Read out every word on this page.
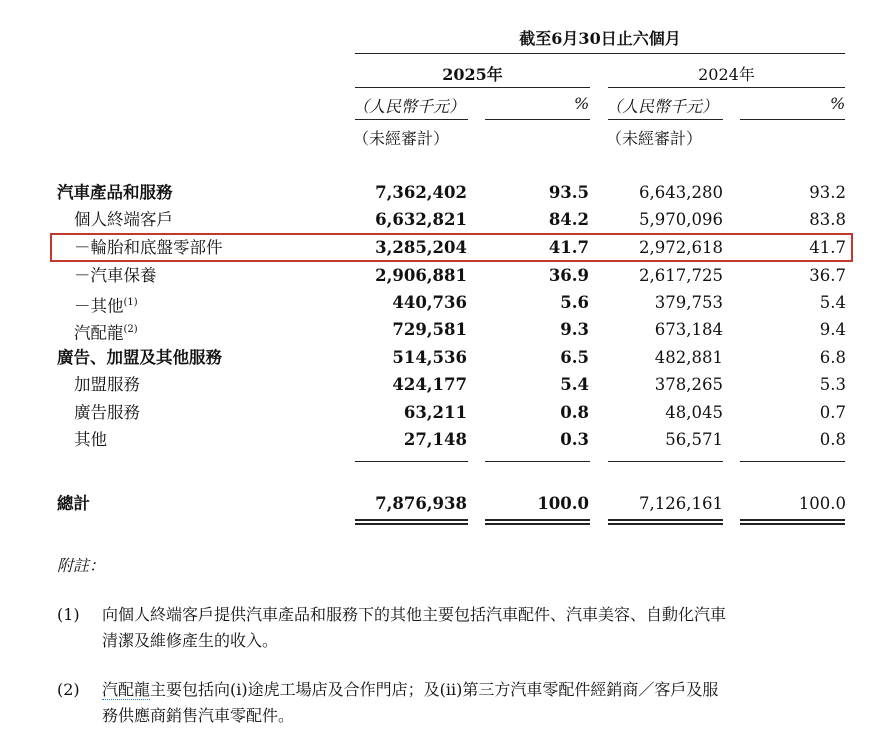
截至6月30日止六個月
2025年	2024年
（人民幣千元）	% （人民幣千元）	%
（未經審計）	（未經審計）
汽車產品和服務	7,362,402	93.5	6,643,280	93.2
個人終端客戶	6,632,821	84.2	5,970,096	83.8
－輪胎和底盤零部件	3,285,204	41.7	2,972,618	41.7
－汽車保養	2,906,881	36.9	2,617,725	36.7
－其他$^{(1)}$	440,736	5.6	379,753	5.4
汽配龍$^{(2)}$	729,581	9.3	673,184	9.4
廣告、加盟及其他服務	514,536	6.5	482,881	6.8
加盟服務	424,177	5.4	378,265	5.3
廣告服務	63,211	0.8	48,045	0.7
其他	27,148	0.3	56,571	0.8
總計	7,876,938	100.0	7,126,161	100.0
附註：
(1) 向個人終端客戶提供汽車產品和服務下的其他主要包括汽車配件、汽車美容、自動化汽車
清潔及維修產生的收入。
(2) 汽配龍主要包括向(i)途虎工場店及合作門店；及(ii)第三方汽車零配件經銷商／客戶及服
務供應商銷售汽車零配件。
